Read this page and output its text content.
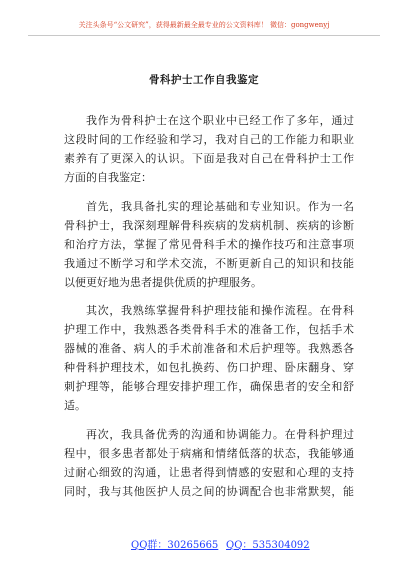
关注头条号“公文研究”，获得最新最全最专业的公文资料库！ 微信：gongwenyj
骨科护士工作自我鉴定
我作为骨科护士在这个职业中已经工作了多年，通过
这段时间的工作经验和学习，我对自己的工作能力和职业
素养有了更深入的认识。下面是我对自己在骨科护士工作
方面的自我鉴定：
首先，我具备扎实的理论基础和专业知识。作为一名
骨科护士，我深刻理解骨科疾病的发病机制、疾病的诊断
和治疗方法，掌握了常见骨科手术的操作技巧和注意事项
我通过不断学习和学术交流，不断更新自己的知识和技能
以便更好地为患者提供优质的护理服务。
其次，我熟练掌握骨科护理技能和操作流程。在骨科
护理工作中，我熟悉各类骨科手术的准备工作，包括手术
器械的准备、病人的手术前准备和术后护理等。我熟悉各
种骨科护理技术，如包扎换药、伤口护理、卧床翻身、穿
刺护理等，能够合理安排护理工作，确保患者的安全和舒
适。
再次，我具备优秀的沟通和协调能力。在骨科护理过
程中，很多患者都处于病痛和情绪低落的状态，我能够通
过耐心细致的沟通，让患者得到情感的安慰和心理的支持
同时，我与其他医护人员之间的协调配合也非常默契，能
QQ群：30265665 QQ：535304092
